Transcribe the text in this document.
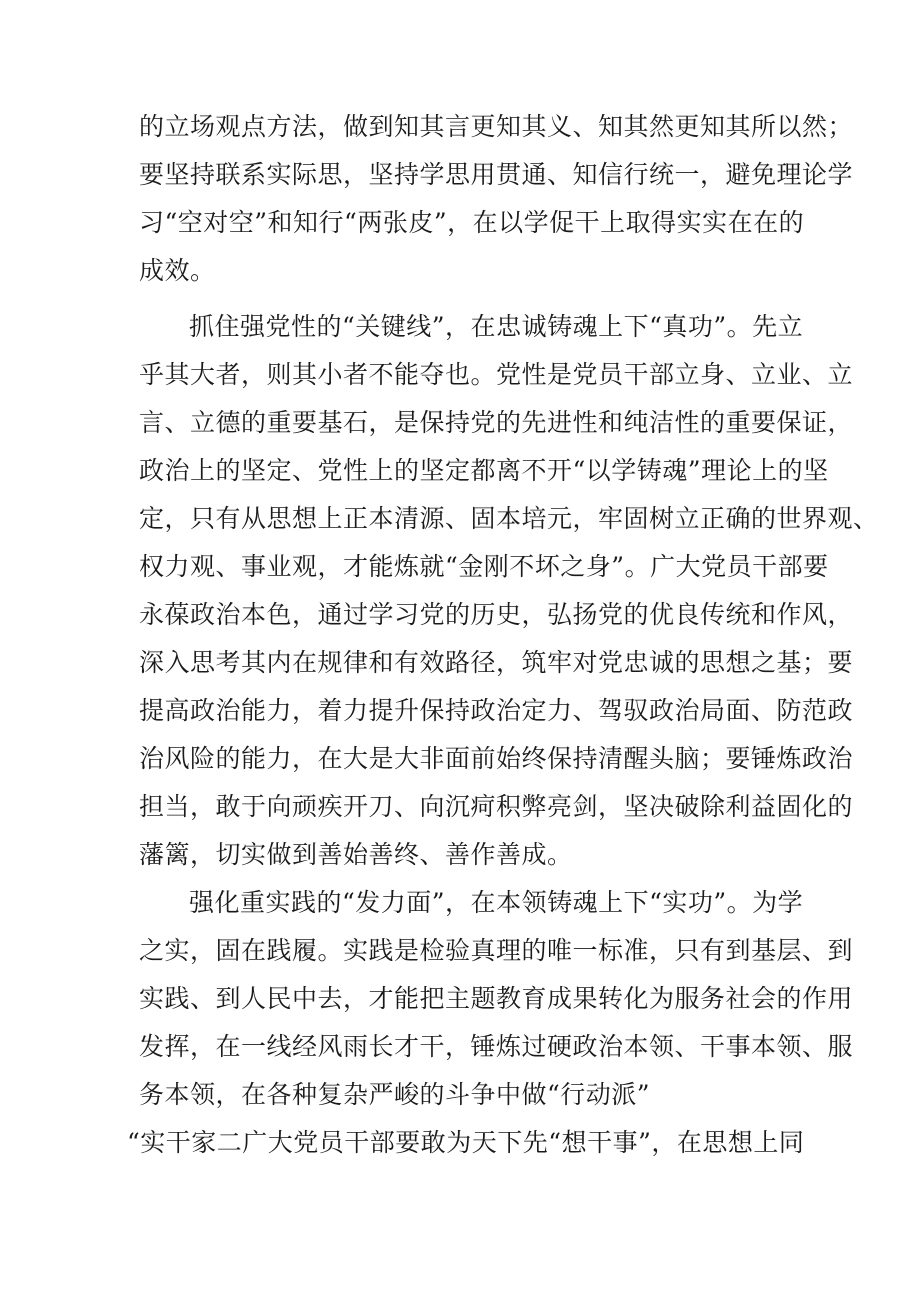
的立场观点方法，做到知其言更知其义、知其然更知其所以然；
要坚持联系实际思，坚持学思用贯通、知信行统一，避免理论学
习“空对空”和知行“两张皮”，在以学促干上取得实实在在的
成效。
抓住强党性的“关键线”，在忠诚铸魂上下“真功”。先立
乎其大者，则其小者不能夺也。党性是党员干部立身、立业、立
言、立德的重要基石，是保持党的先进性和纯洁性的重要保证，
政治上的坚定、党性上的坚定都离不开“以学铸魂”理论上的坚
定，只有从思想上正本清源、固本培元，牢固树立正确的世界观、
权力观、事业观，才能炼就“金刚不坏之身”。广大党员干部要
永葆政治本色，通过学习党的历史，弘扬党的优良传统和作风，
深入思考其内在规律和有效路径，筑牢对党忠诚的思想之基；要
提高政治能力，着力提升保持政治定力、驾驭政治局面、防范政
治风险的能力，在大是大非面前始终保持清醒头脑；要锤炼政治
担当，敢于向顽疾开刀、向沉疴积弊亮剑，坚决破除利益固化的
藩篱，切实做到善始善终、善作善成。
强化重实践的“发力面”，在本领铸魂上下“实功”。为学
之实，固在践履。实践是检验真理的唯一标准，只有到基层、到
实践、到人民中去，才能把主题教育成果转化为服务社会的作用
发挥，在一线经风雨长才干，锤炼过硬政治本领、干事本领、服
务本领，在各种复杂严峻的斗争中做“行动派”
“实干家二广大党员干部要敢为天下先“想干事”，在思想上同
